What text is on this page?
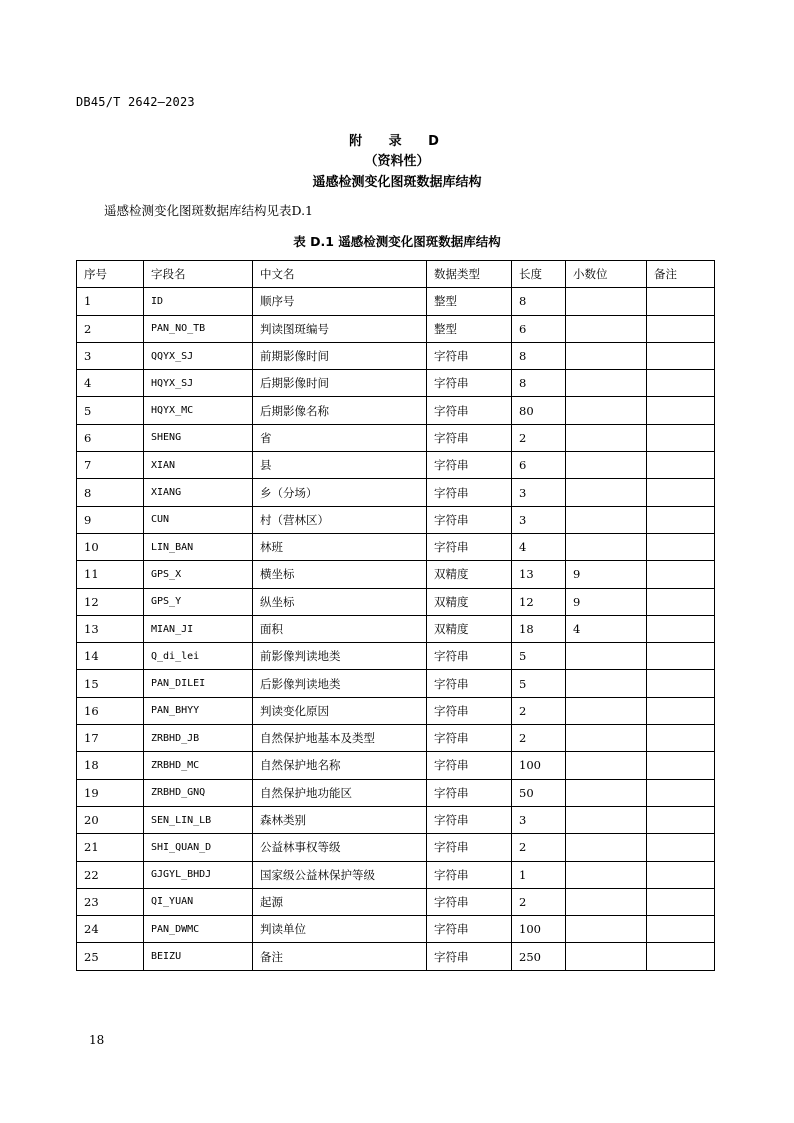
DB45/T 2642—2023
附 录 D
（资料性）
遥感检测变化图斑数据库结构
遥感检测变化图斑数据库结构见表D.1
表 D.1 遥感检测变化图斑数据库结构
序号	字段名	中文名	数据类型	长度	小数位	备注
1	ID	顺序号	整型	8		
2	PAN_NO_TB	判读图斑编号	整型	6		
3	QQYX_SJ	前期影像时间	字符串	8		
4	HQYX_SJ	后期影像时间	字符串	8		
5	HQYX_MC	后期影像名称	字符串	80		
6	SHENG	省	字符串	2		
7	XIAN	县	字符串	6		
8	XIANG	乡（分场）	字符串	3		
9	CUN	村（营林区）	字符串	3		
10	LIN_BAN	林班	字符串	4		
11	GPS_X	横坐标	双精度	13	9	
12	GPS_Y	纵坐标	双精度	12	9	
13	MIAN_JI	面积	双精度	18	4	
14	Q_di_lei	前影像判读地类	字符串	5		
15	PAN_DILEI	后影像判读地类	字符串	5		
16	PAN_BHYY	判读变化原因	字符串	2		
17	ZRBHD_JB	自然保护地基本及类型	字符串	2		
18	ZRBHD_MC	自然保护地名称	字符串	100		
19	ZRBHD_GNQ	自然保护地功能区	字符串	50		
20	SEN_LIN_LB	森林类别	字符串	3		
21	SHI_QUAN_D	公益林事权等级	字符串	2		
22	GJGYL_BHDJ	国家级公益林保护等级	字符串	1		
23	QI_YUAN	起源	字符串	2		
24	PAN_DWMC	判读单位	字符串	100		
25	BEIZU	备注	字符串	250		
18
